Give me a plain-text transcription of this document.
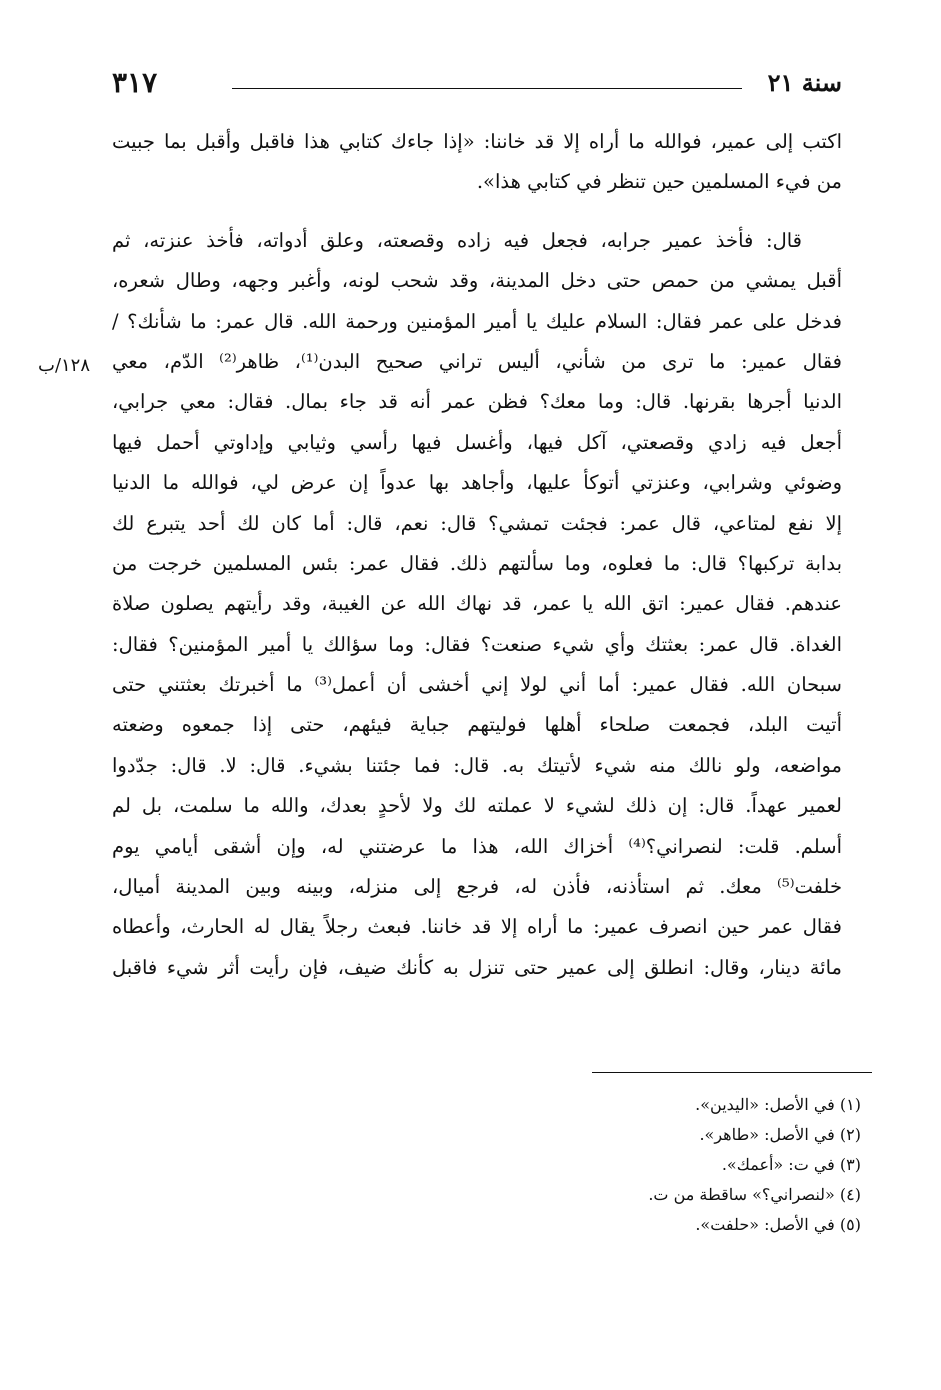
سنة ٢١
٣١٧
١٢٨/ب
اكتب إلى عمير، فوالله ما أراه إلا قد خاننا: «إذا جاءك كتابي هذا فاقبل وأقبل بما جبيت
من فيء المسلمين حين تنظر في كتابي هذا».
قال: فأخذ عمير جرابه، فجعل فيه زاده وقصعته، وعلق أدواته، فأخذ عنزته، ثم
أقبل يمشي من حمص حتى دخل المدينة، وقد شحب لونه، وأغبر وجهه، وطال شعره،
فدخل على عمر فقال: السلام عليك يا أمير المؤمنين ورحمة الله. قال عمر: ما شأنك؟ /
فقال عمير: ما ترى من شأني، أليس تراني صحيح البدن⁽¹⁾، ظاهر⁽²⁾ الدّم، معي
الدنيا أجرها بقرنها. قال: وما معك؟ فظن عمر أنه قد جاء بمال. فقال: معي جرابي،
أجعل فيه زادي وقصعتي، آكل فيها، وأغسل فيها رأسي وثيابي وإداوتي أحمل فيها
وضوئي وشرابي، وعنزتي أتوكأ عليها، وأجاهد بها عدواً إن عرض لي، فوالله ما الدنيا
إلا نفع لمتاعي، قال عمر: فجئت تمشي؟ قال: نعم، قال: أما كان لك أحد يتبرع لك
بدابة تركبها؟ قال: ما فعلوه، وما سألتهم ذلك. فقال عمر: بئس المسلمين خرجت من
عندهم. فقال عمير: اتق الله يا عمر، قد نهاك الله عن الغيبة، وقد رأيتهم يصلون صلاة
الغداة. قال عمر: بعثتك وأي شيء صنعت؟ فقال: وما سؤالك يا أمير المؤمنين؟ فقال:
سبحان الله. فقال عمير: أما أني لولا إني أخشى أن أعمل⁽³⁾ ما أخبرتك بعثتني حتى
أتيت البلد، فجمعت صلحاء أهلها فوليتهم جباية فيئهم، حتى إذا جمعوه وضعته
مواضعه، ولو نالك منه شيء لأتيتك به. قال: فما جئتنا بشيء. قال: لا. قال: جدّدوا
لعمير عهداً. قال: إن ذلك لشيء لا عملته لك ولا لأحدٍ بعدك، والله ما سلمت، بل لم
أسلم. قلت: لنصراني؟⁽⁴⁾ أخزاك الله، هذا ما عرضتني له، وإن أشقى أيامي يوم
خلفت⁽⁵⁾ معك. ثم استأذنه، فأذن له، فرجع إلى منزله، وبينه وبين المدينة أميال،
فقال عمر حين انصرف عمير: ما أراه إلا قد خاننا. فبعث رجلاً يقال له الحارث، وأعطاه
مائة دينار، وقال: انطلق إلى عمير حتى تنزل به كأنك ضيف، فإن رأيت أثر شيء فاقبل
(١) في الأصل: «اليدين».
(٢) في الأصل: «طاهر».
(٣) في ت: «أعمك».
(٤) «لنصراني؟» ساقطة من ت.
(٥) في الأصل: «حلفت».
